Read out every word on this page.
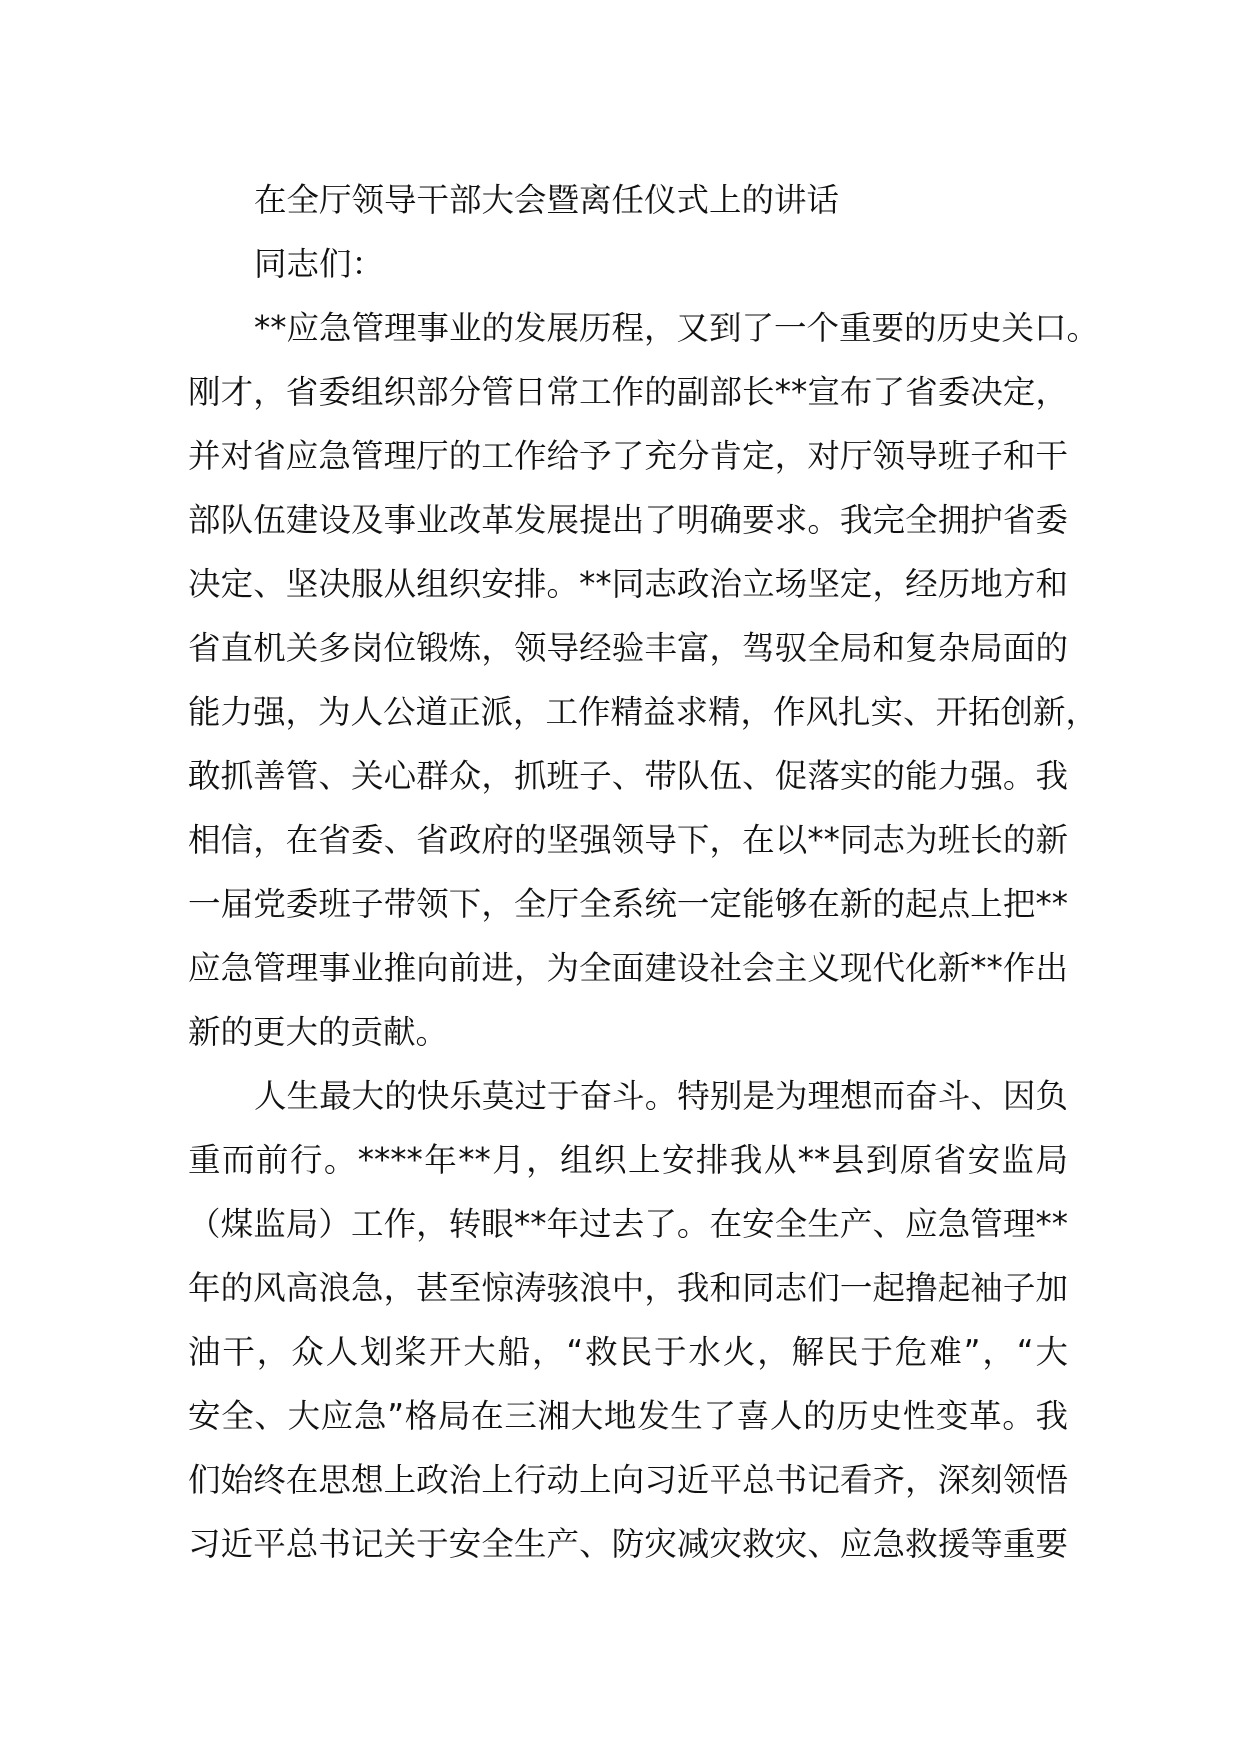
在全厅领导干部大会暨离任仪式上的讲话
同志们：
**应急管理事业的发展历程，又到了一个重要的历史关口。
刚才，省委组织部分管日常工作的副部长**宣布了省委决定，
并对省应急管理厅的工作给予了充分肯定，对厅领导班子和干
部队伍建设及事业改革发展提出了明确要求。我完全拥护省委
决定、坚决服从组织安排。**同志政治立场坚定，经历地方和
省直机关多岗位锻炼，领导经验丰富，驾驭全局和复杂局面的
能力强，为人公道正派，工作精益求精，作风扎实、开拓创新，
敢抓善管、关心群众，抓班子、带队伍、促落实的能力强。我
相信，在省委、省政府的坚强领导下，在以**同志为班长的新
一届党委班子带领下，全厅全系统一定能够在新的起点上把**
应急管理事业推向前进，为全面建设社会主义现代化新**作出
新的更大的贡献。
人生最大的快乐莫过于奋斗。特别是为理想而奋斗、因负
重而前行。****年**月，组织上安排我从**县到原省安监局
（煤监局）工作，转眼**年过去了。在安全生产、应急管理**
年的风高浪急，甚至惊涛骇浪中，我和同志们一起撸起袖子加
油干，众人划桨开大船，“救民于水火，解民于危难”，“大
安全、大应急”格局在三湘大地发生了喜人的历史性变革。我
们始终在思想上政治上行动上向习近平总书记看齐，深刻领悟
习近平总书记关于安全生产、防灾减灾救灾、应急救援等重要
